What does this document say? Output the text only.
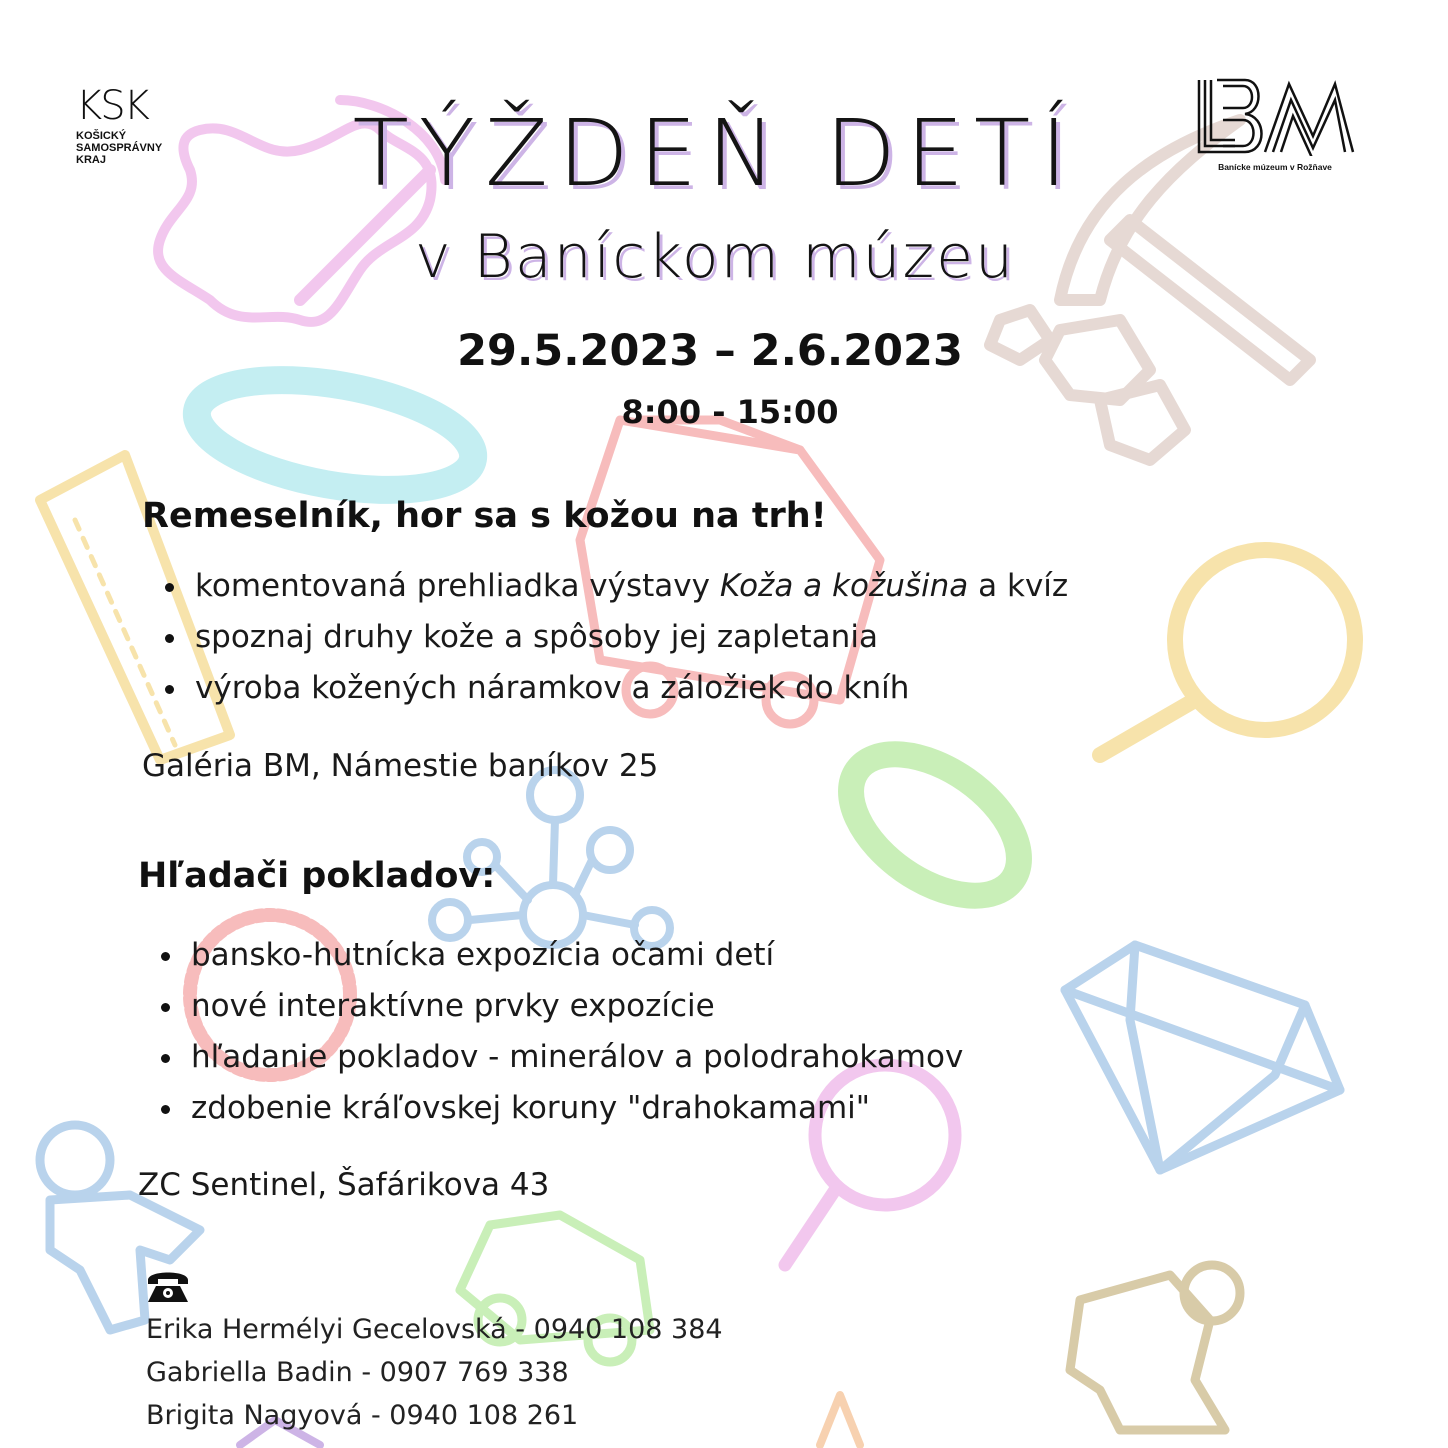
KSK
KOŠICKÝ
SAMOSPRÁVNY
KRAJ
Banícke múzeum v Rožňave
TÝŽDEŇ DETÍ
v Baníckom múzeu
29.5.2023 – 2.6.2023
8:00 - 15:00
Remeselník, hor sa s kožou na trh!
komentovaná prehliadka výstavy Koža a kožušina a kvíz
spoznaj druhy kože a spôsoby jej zapletania
výroba kožených náramkov a záložiek do kníh
Galéria BM, Námestie baníkov 25
Hľadači pokladov:
bansko-hutnícka expozícia očami detí
nové interaktívne prvky expozície
hľadanie pokladov - minerálov a polodrahokamov
zdobenie kráľovskej koruny "drahokamami"
ZC Sentinel, Šafárikova 43
Erika Hermélyi Gecelovská - 0940 108 384
Gabriella Badin - 0907 769 338
Brigita Nagyová - 0940 108 261
